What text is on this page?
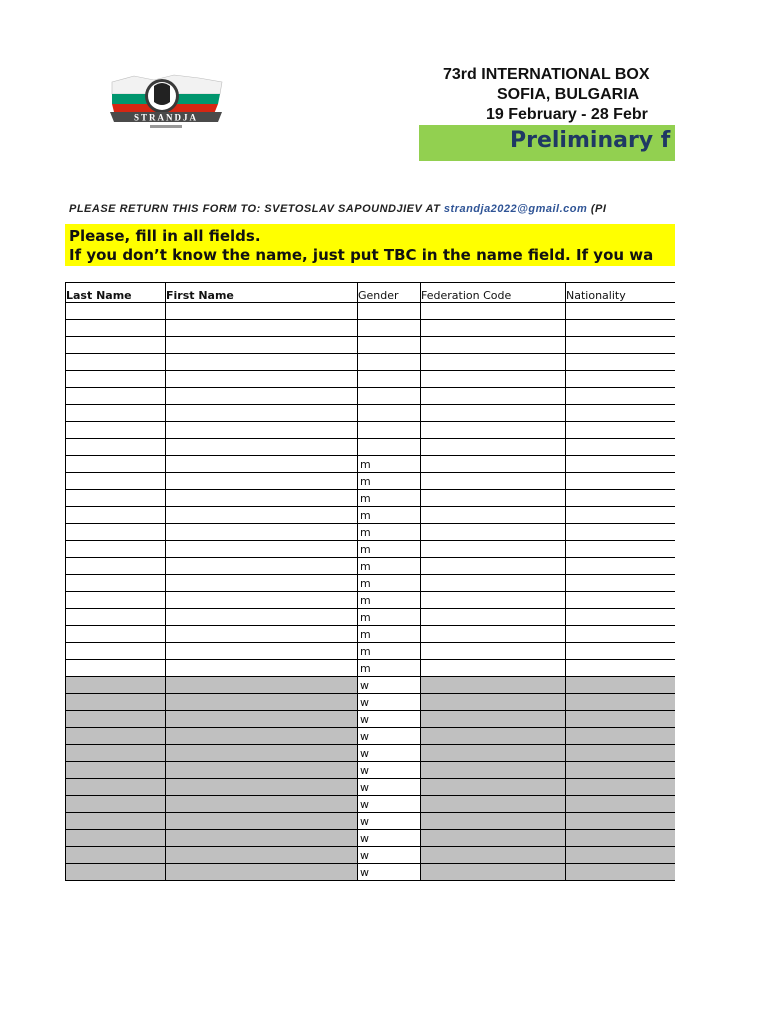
STRANDJA
73rd INTERNATIONAL BOX
SOFIA, BULGARIA
19 February - 28 Febr
Preliminary f
PLEASE RETURN THIS FORM TO: SVETOSLAV SAPOUNDJIEV AT strandja2022@gmail.com (PI
Please, fill in all fields.
If you don’t know the name, just put TBC in the name field. If you wa
Last Name	First Name	Gender	Federation Code	Nationality

		m		
		m		
		m		
		m		
		m		
		m		
		m		
		m		
		m		
		m		
		m		
		m		
		m		
		w		
		w		
		w		
		w		
		w		
		w		
		w		
		w		
		w		
		w		
		w		
		w		
